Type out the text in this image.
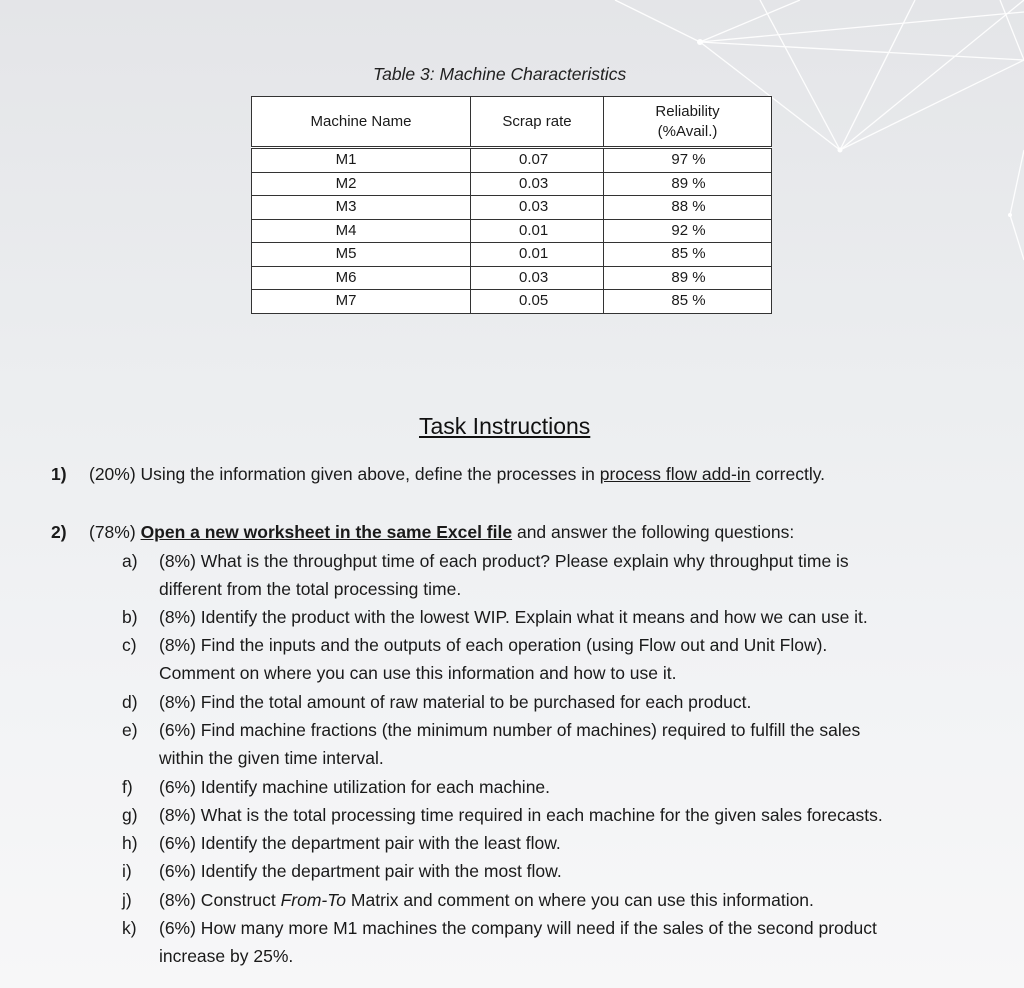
Table 3: Machine Characteristics
Machine Name	Scrap rate	Reliability
(%Avail.)
M1	0.07	97 %
M2	0.03	89 %
M3	0.03	88 %
M4	0.01	92 %
M5	0.01	85 %
M6	0.03	89 %
M7	0.05	85 %
Task Instructions
1) (20%) Using the information given above, define the processes in process flow add-in correctly.
2) (78%) Open a new worksheet in the same Excel file and answer the following questions:
a) (8%) What is the throughput time of each product? Please explain why throughput time is
different from the total processing time.
b) (8%) Identify the product with the lowest WIP. Explain what it means and how we can use it.
c) (8%) Find the inputs and the outputs of each operation (using Flow out and Unit Flow).
Comment on where you can use this information and how to use it.
d) (8%) Find the total amount of raw material to be purchased for each product.
e) (6%) Find machine fractions (the minimum number of machines) required to fulfill the sales
within the given time interval.
f) (6%) Identify machine utilization for each machine.
g) (8%) What is the total processing time required in each machine for the given sales forecasts.
h) (6%) Identify the department pair with the least flow.
i) (6%) Identify the department pair with the most flow.
j) (8%) Construct From-To Matrix and comment on where you can use this information.
k) (6%) How many more M1 machines the company will need if the sales of the second product
increase by 25%.
